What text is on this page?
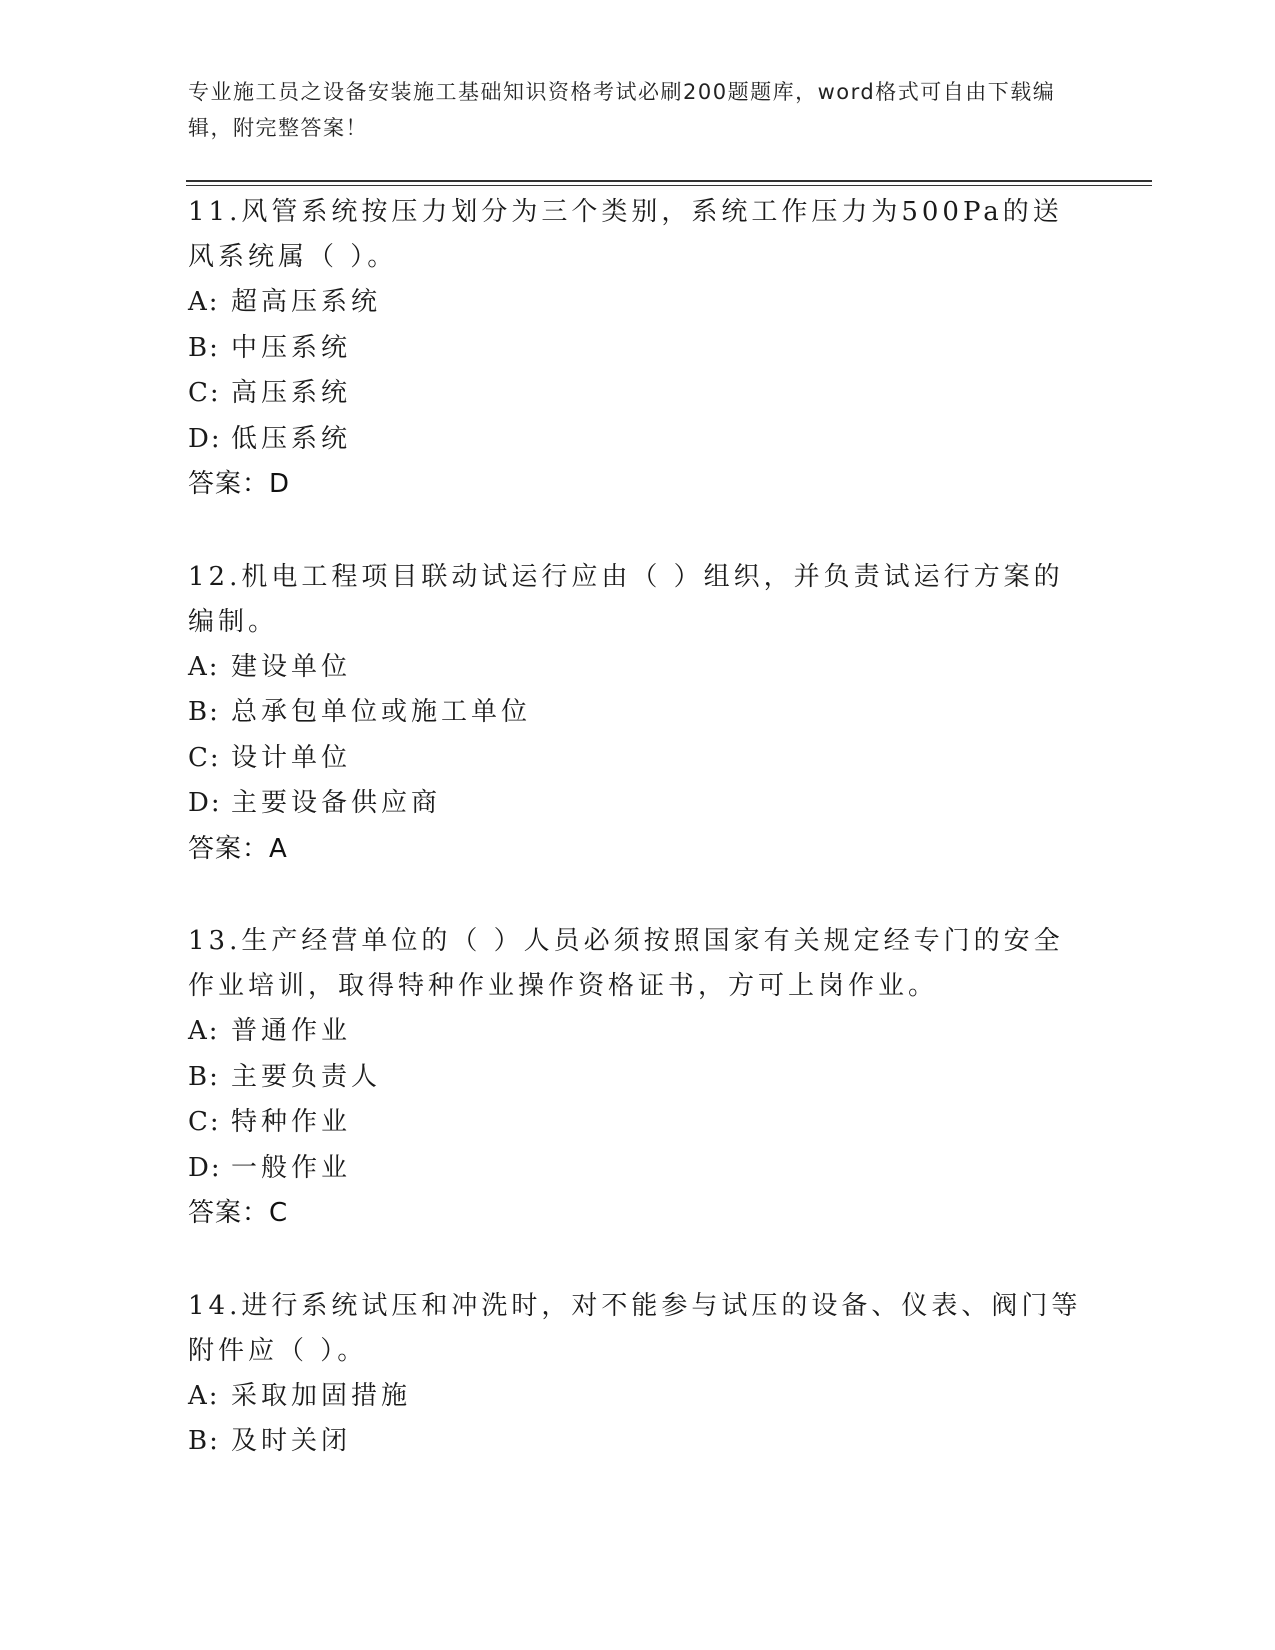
专业施工员之设备安装施工基础知识资格考试必刷200题题库，word格式可自由下载编辑，附完整答案！
11.风管系统按压力划分为三个类别，系统工作压力为500Pa的送风系统属（ ）。
A: 超高压系统
B: 中压系统
C: 高压系统
D: 低压系统
答案：D
12.机电工程项目联动试运行应由（ ）组织，并负责试运行方案的编制。
A: 建设单位
B: 总承包单位或施工单位
C: 设计单位
D: 主要设备供应商
答案：A
13.生产经营单位的（ ）人员必须按照国家有关规定经专门的安全作业培训，取得特种作业操作资格证书，方可上岗作业。
A: 普通作业
B: 主要负责人
C: 特种作业
D: 一般作业
答案：C
14.进行系统试压和冲洗时，对不能参与试压的设备、仪表、阀门等附件应（ ）。
A: 采取加固措施
B: 及时关闭
